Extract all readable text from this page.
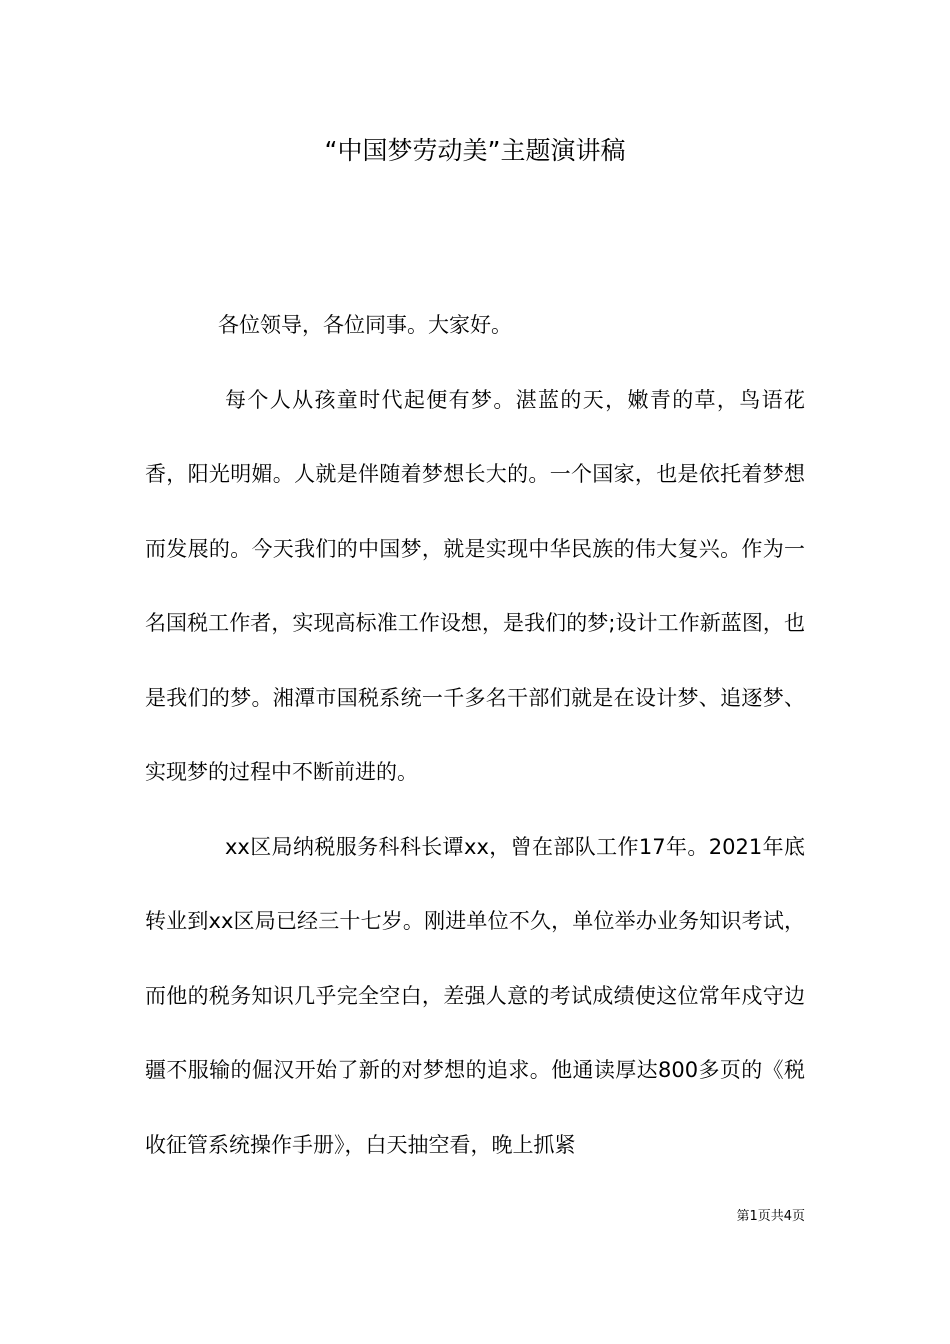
“中国梦劳动美”主题演讲稿

各位领导，各位同事。大家好。

每个人从孩童时代起便有梦。湛蓝的天，嫩青的草，鸟语花香，阳光明媚。人就是伴随着梦想长大的。一个国家，也是依托着梦想而发展的。今天我们的中国梦，就是实现中华民族的伟大复兴。作为一名国税工作者，实现高标准工作设想，是我们的梦;设计工作新蓝图，也是我们的梦。湘潭市国税系统一千多名干部们就是在设计梦、追逐梦、实现梦的过程中不断前进的。

xx区局纳税服务科科长谭xx，曾在部队工作17年。2021年底转业到xx区局已经三十七岁。刚进单位不久，单位举办业务知识考试，而他的税务知识几乎完全空白，差强人意的考试成绩使这位常年戍守边疆不服输的倔汉开始了新的对梦想的追求。他通读厚达800多页的《税收征管系统操作手册》，白天抽空看，晚上抓紧

第1页共4页
